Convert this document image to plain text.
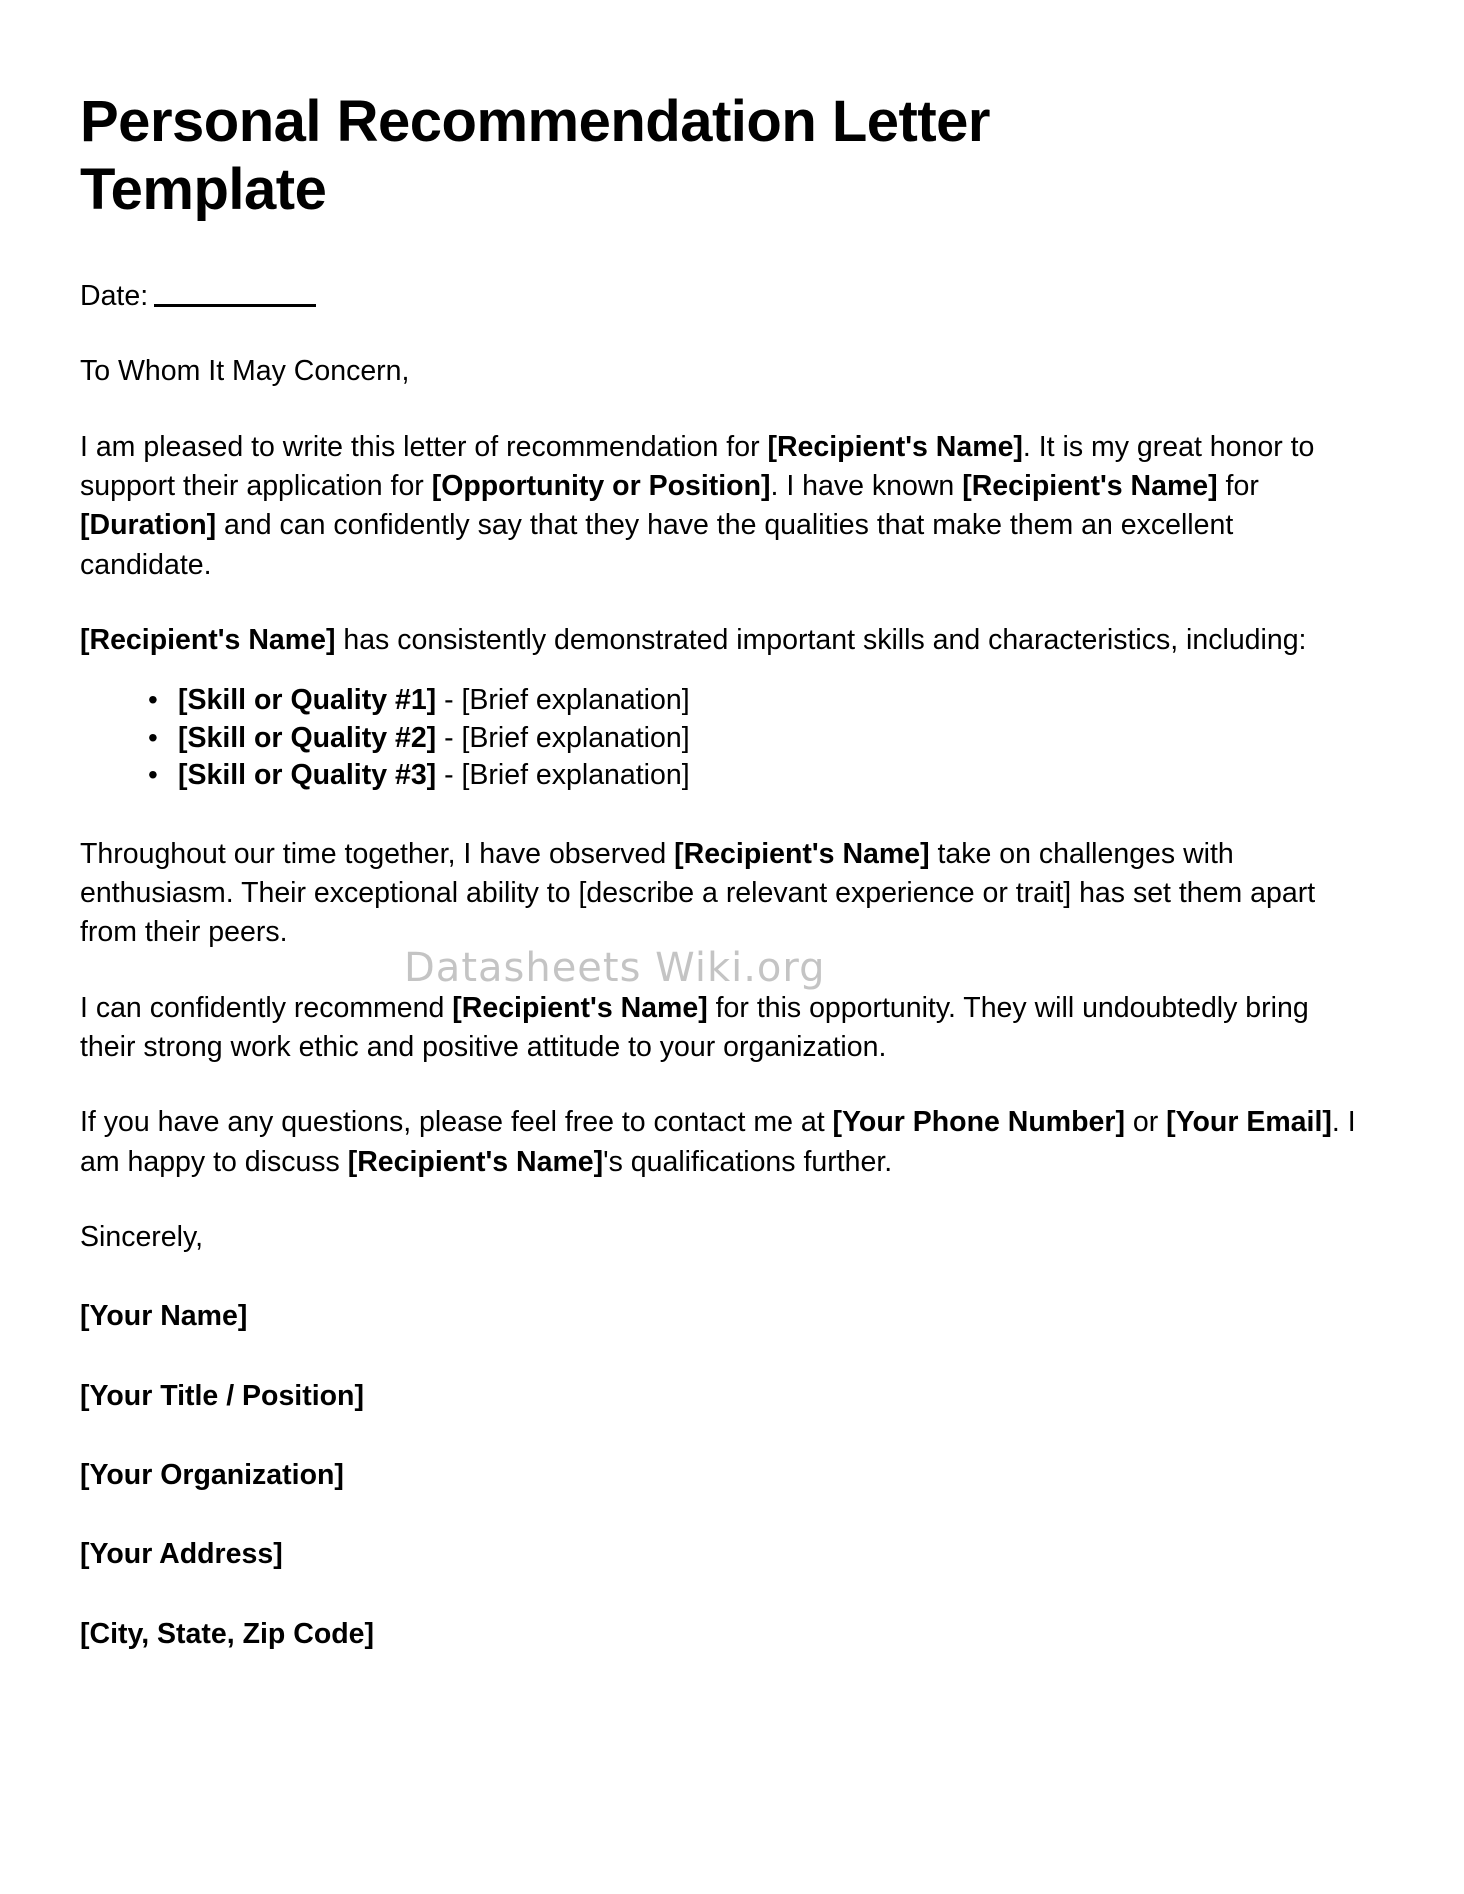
Personal Recommendation Letter Template

Date:

To Whom It May Concern,

I am pleased to write this letter of recommendation for [Recipient's Name]. It is my great honor to support their application for [Opportunity or Position]. I have known [Recipient's Name] for [Duration] and can confidently say that they have the qualities that make them an excellent candidate.

[Recipient's Name] has consistently demonstrated important skills and characteristics, including:

• [Skill or Quality #1] - [Brief explanation]
• [Skill or Quality #2] - [Brief explanation]
• [Skill or Quality #3] - [Brief explanation]

Throughout our time together, I have observed [Recipient's Name] take on challenges with enthusiasm. Their exceptional ability to [describe a relevant experience or trait] has set them apart from their peers.

I can confidently recommend [Recipient's Name] for this opportunity. They will undoubtedly bring their strong work ethic and positive attitude to your organization.

If you have any questions, please feel free to contact me at [Your Phone Number] or [Your Email]. I am happy to discuss [Recipient's Name]'s qualifications further.

Sincerely,

[Your Name]

[Your Title / Position]

[Your Organization]

[Your Address]

[City, State, Zip Code]

Datasheets Wiki.org
